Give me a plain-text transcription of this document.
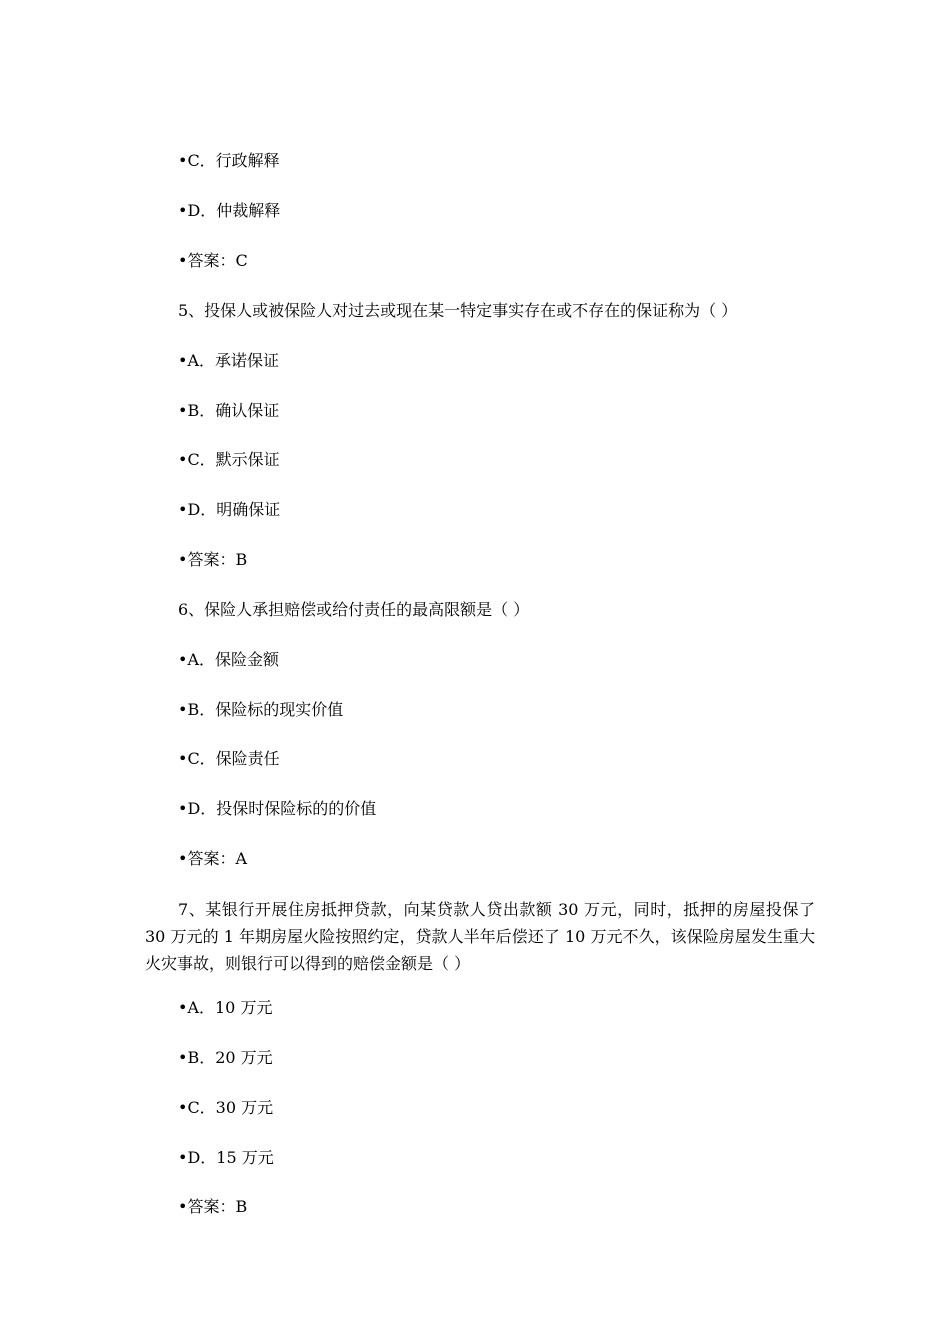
•C．行政解释
•D．仲裁解释
•答案：C
5、投保人或被保险人对过去或现在某一特定事实存在或不存在的保证称为（ ）
•A．承诺保证
•B．确认保证
•C．默示保证
•D．明确保证
•答案：B
6、保险人承担赔偿或给付责任的最高限额是（ ）
•A．保险金额
•B．保险标的现实价值
•C．保险责任
•D．投保时保险标的的价值
•答案：A
7、某银行开展住房抵押贷款，向某贷款人贷出款额 30 万元，同时，抵押的房屋投保了 30 万元的 1 年期房屋火险按照约定，贷款人半年后偿还了 10 万元不久，该保险房屋发生重大火灾事故，则银行可以得到的赔偿金额是（ ）
•A．10 万元
•B．20 万元
•C．30 万元
•D．15 万元
•答案：B
